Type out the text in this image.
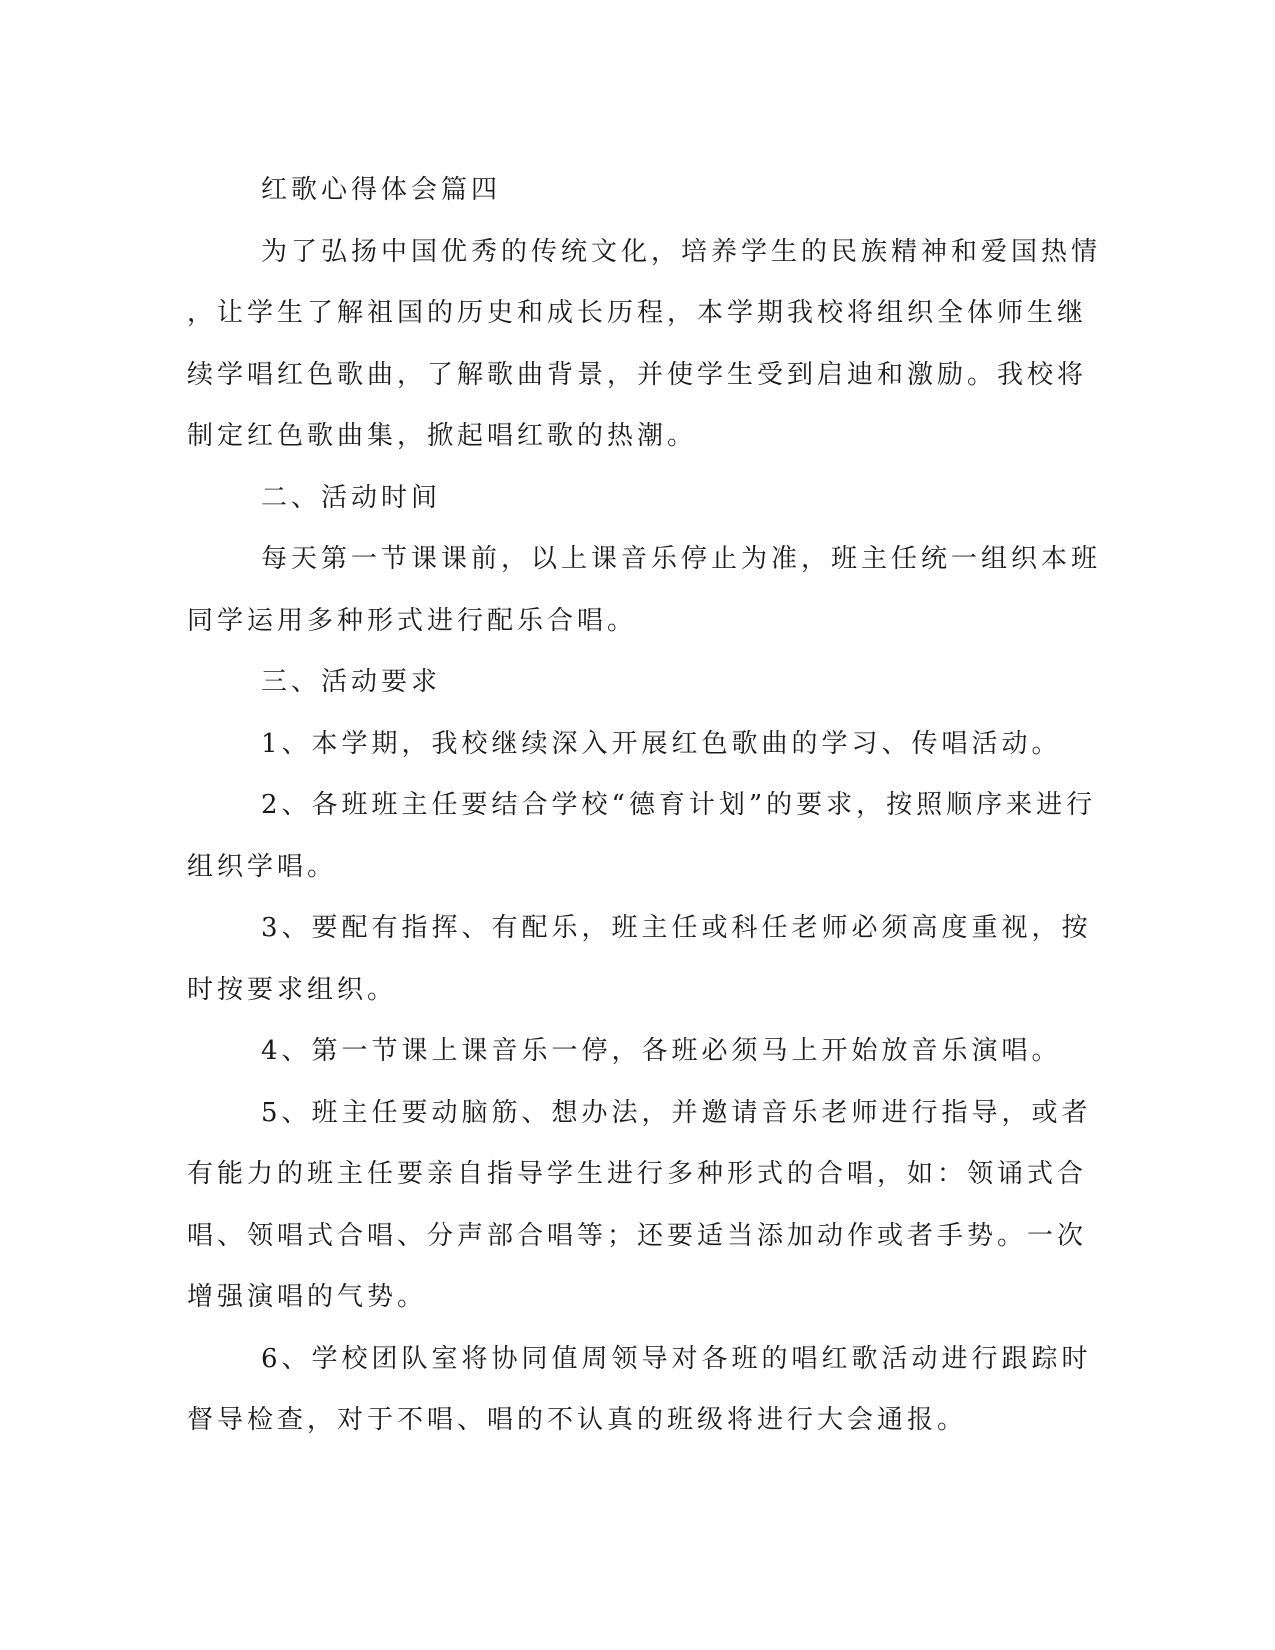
红歌心得体会篇四
为了弘扬中国优秀的传统文化，培养学生的民族精神和爱国热情
，让学生了解祖国的历史和成长历程，本学期我校将组织全体师生继
续学唱红色歌曲，了解歌曲背景，并使学生受到启迪和激励。我校将
制定红色歌曲集，掀起唱红歌的热潮。
二、活动时间
每天第一节课课前，以上课音乐停止为准，班主任统一组织本班
同学运用多种形式进行配乐合唱。
三、活动要求
1、本学期，我校继续深入开展红色歌曲的学习、传唱活动。
2、各班班主任要结合学校“德育计划”的要求，按照顺序来进行
组织学唱。
3、要配有指挥、有配乐，班主任或科任老师必须高度重视，按
时按要求组织。
4、第一节课上课音乐一停，各班必须马上开始放音乐演唱。
5、班主任要动脑筋、想办法，并邀请音乐老师进行指导，或者
有能力的班主任要亲自指导学生进行多种形式的合唱，如：领诵式合
唱、领唱式合唱、分声部合唱等；还要适当添加动作或者手势。一次
增强演唱的气势。
6、学校团队室将协同值周领导对各班的唱红歌活动进行跟踪时
督导检查，对于不唱、唱的不认真的班级将进行大会通报。
